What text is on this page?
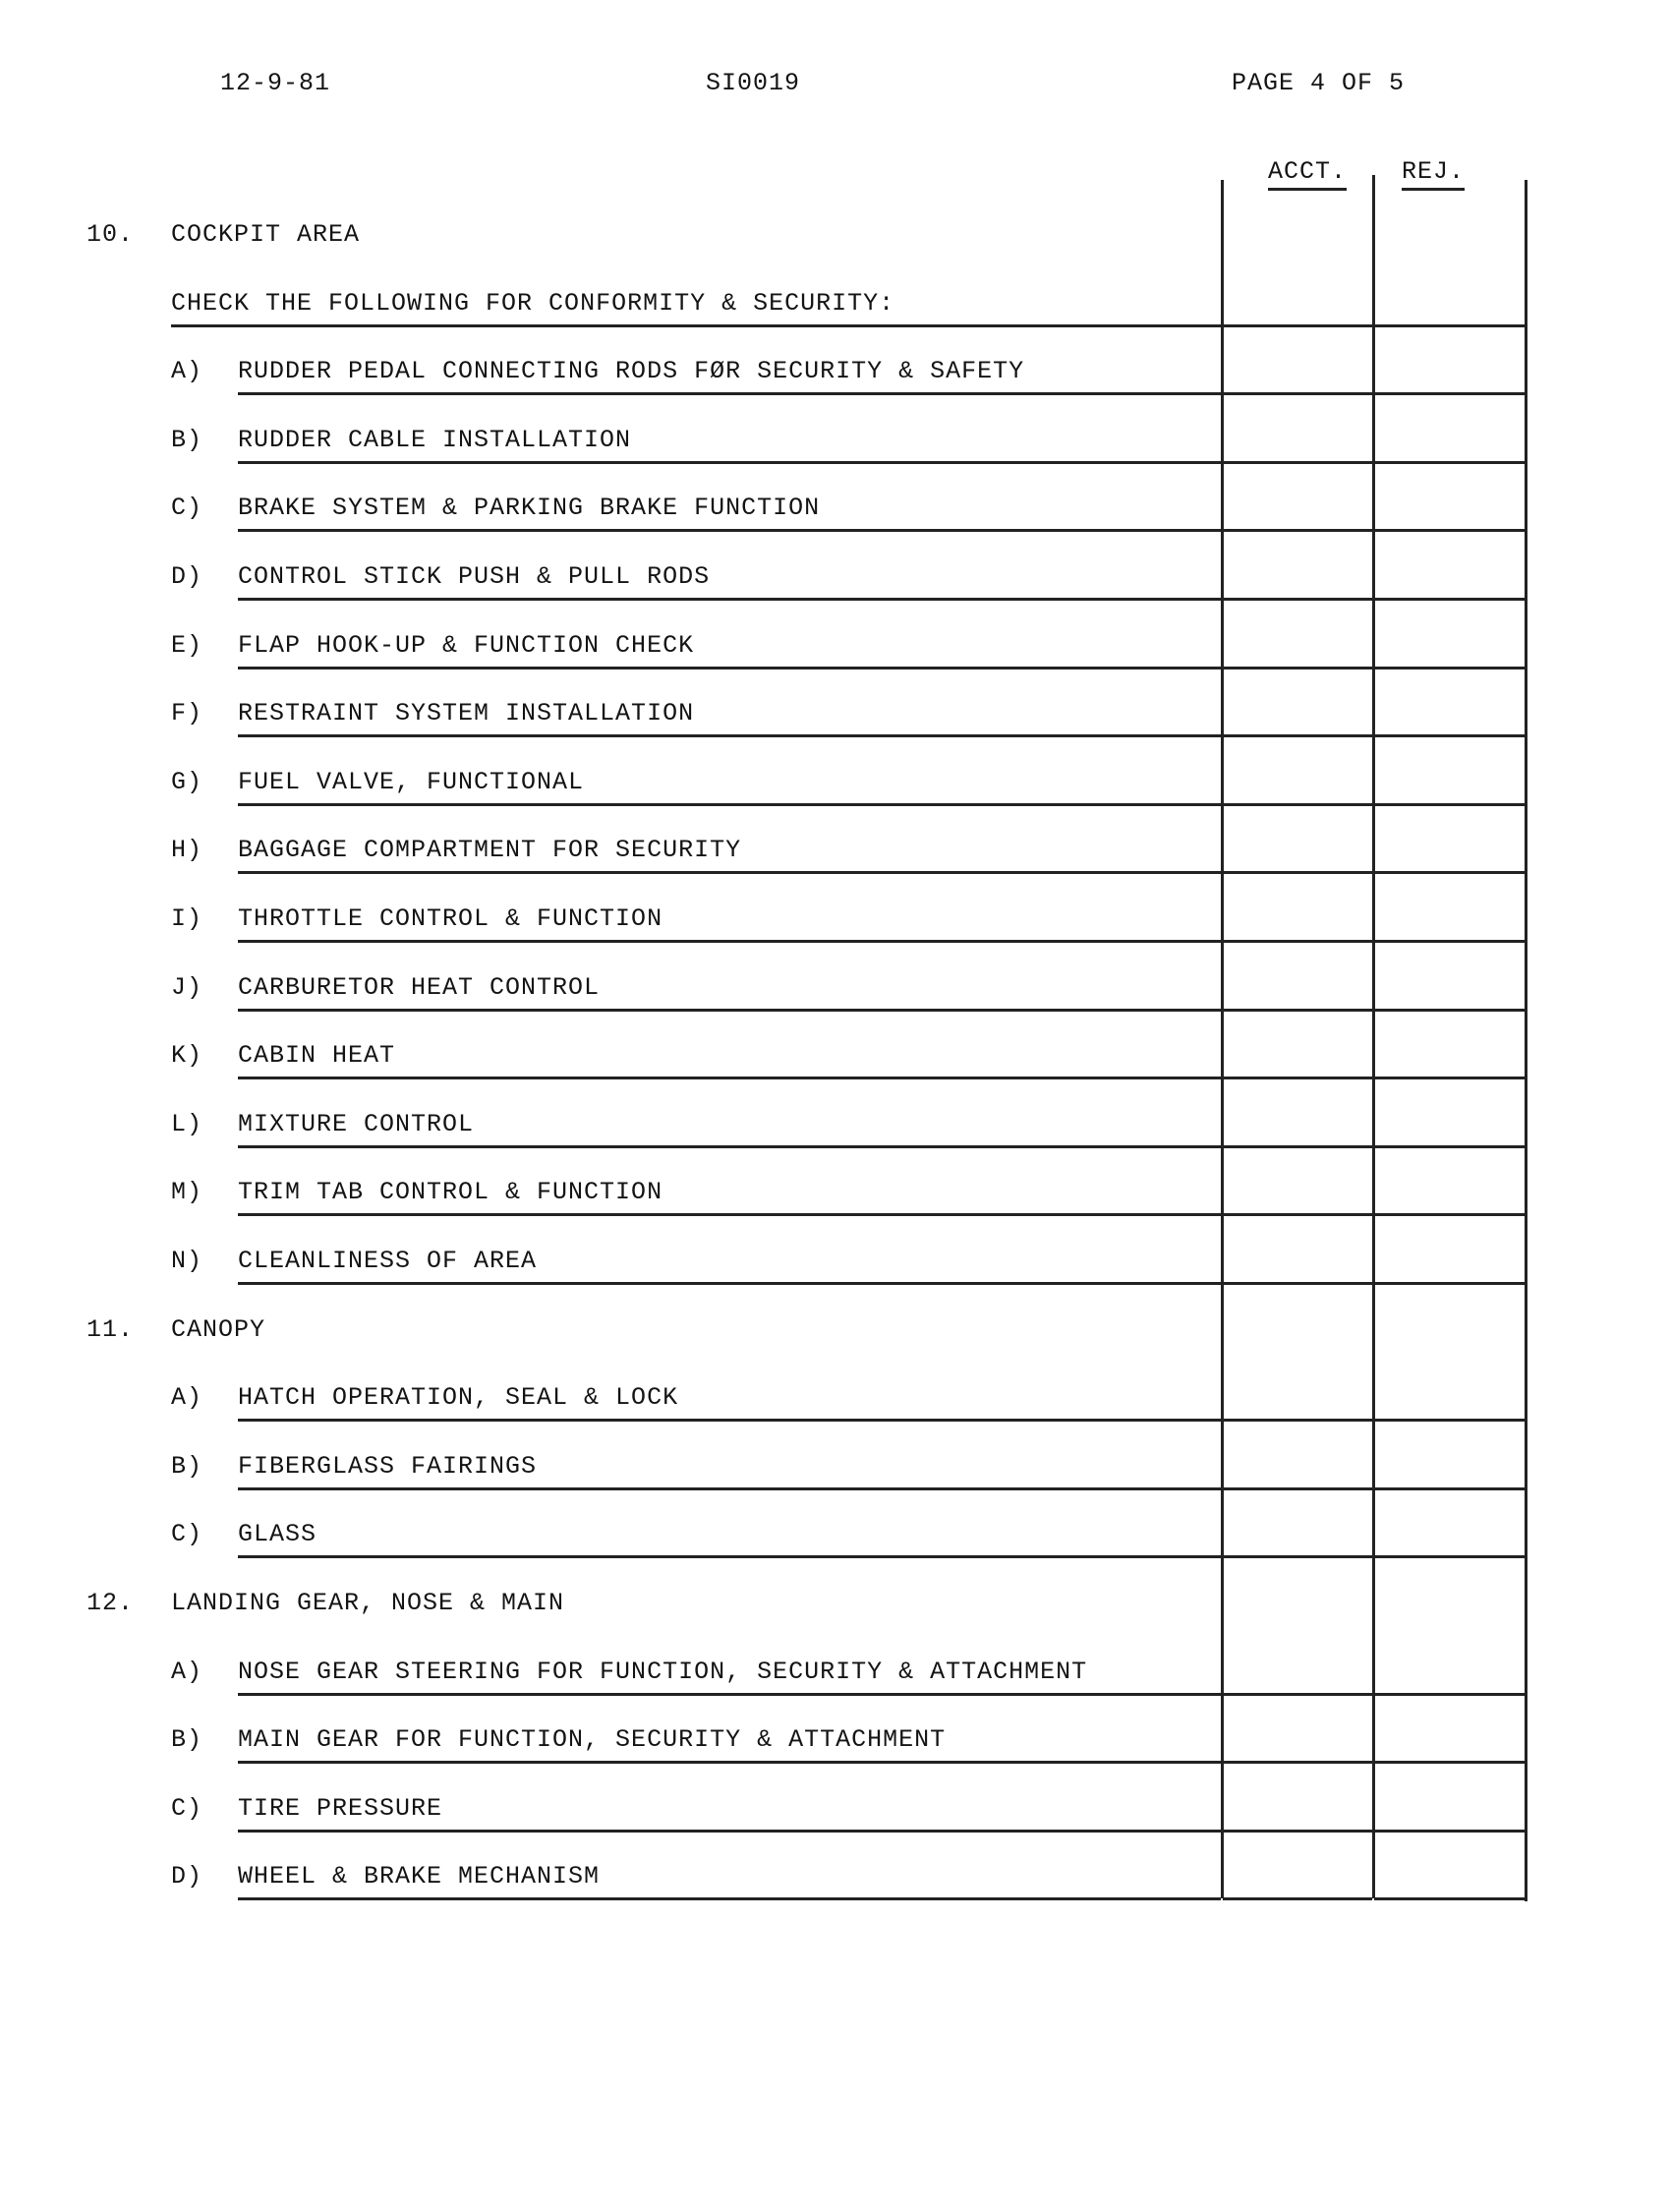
12-9-81	SI0019	PAGE 4 OF 5
ACCT. REJ.
10. COCKPIT AREA
CHECK THE FOLLOWING FOR CONFORMITY & SECURITY:
A) RUDDER PEDAL CONNECTING RODS FØR SECURITY & SAFETY
B) RUDDER CABLE INSTALLATION
C) BRAKE SYSTEM & PARKING BRAKE FUNCTION
D) CONTROL STICK PUSH & PULL RODS
E) FLAP HOOK-UP & FUNCTION CHECK
F) RESTRAINT SYSTEM INSTALLATION
G) FUEL VALVE, FUNCTIONAL
H) BAGGAGE COMPARTMENT FOR SECURITY
I) THROTTLE CONTROL & FUNCTION
J) CARBURETOR HEAT CONTROL
K) CABIN HEAT
L) MIXTURE CONTROL
M) TRIM TAB CONTROL & FUNCTION
N) CLEANLINESS OF AREA
11. CANOPY
A) HATCH OPERATION, SEAL & LOCK
B) FIBERGLASS FAIRINGS
C) GLASS
12. LANDING GEAR, NOSE & MAIN
A) NOSE GEAR STEERING FOR FUNCTION, SECURITY & ATTACHMENT
B) MAIN GEAR FOR FUNCTION, SECURITY & ATTACHMENT
C) TIRE PRESSURE
D) WHEEL & BRAKE MECHANISM
